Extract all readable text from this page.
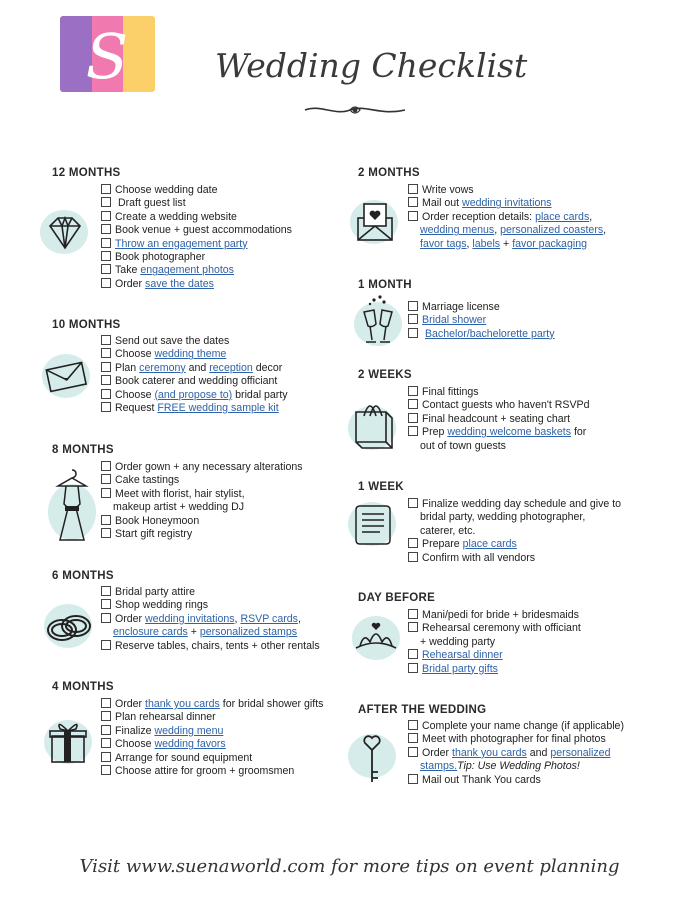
S	Wedding Checklist
12 MONTHS
Choose wedding date
Draft guest list
Create a wedding website
Book venue + guest accommodations
Throw an engagement party
Book photographer
Take engagement photos
Order save the dates
10 MONTHS
Send out save the dates
Choose wedding theme
Plan ceremony and reception decor
Book caterer and wedding officiant
Choose (and propose to) bridal party
Request FREE wedding sample kit
8 MONTHS
Order gown + any necessary alterations
Cake tastings
Meet with florist, hair stylist,
makeup artist + wedding DJ
Book Honeymoon
Start gift registry
6 MONTHS
Bridal party attire
Shop wedding rings
Order wedding invitations, RSVP cards,
enclosure cards + personalized stamps
Reserve tables, chairs, tents + other rentals
4 MONTHS
Order thank you cards for bridal shower gifts
Plan rehearsal dinner
Finalize wedding menu
Choose wedding favors
Arrange for sound equipment
Choose attire for groom + groomsmen
2 MONTHS
Write vows
Mail out wedding invitations
Order reception details: place cards,
wedding menus, personalized coasters,
favor tags, labels + favor packaging
1 MONTH
Marriage license
Bridal shower
Bachelor/bachelorette party
2 WEEKS
Final fittings
Contact guests who haven't RSVPd
Final headcount + seating chart
Prep wedding welcome baskets for
out of town guests
1 WEEK
Finalize wedding day schedule and give to
bridal party, wedding photographer,
caterer, etc.
Prepare place cards
Confirm with all vendors
DAY BEFORE
Mani/pedi for bride + bridesmaids
Rehearsal ceremony with officiant
+ wedding party
Rehearsal dinner
Bridal party gifts
AFTER THE WEDDING
Complete your name change (if applicable)
Meet with photographer for final photos
Order thank you cards and personalized
stamps.Tip: Use Wedding Photos!
Mail out Thank You cards
Visit www.suenaworld.com for more tips on event planning
